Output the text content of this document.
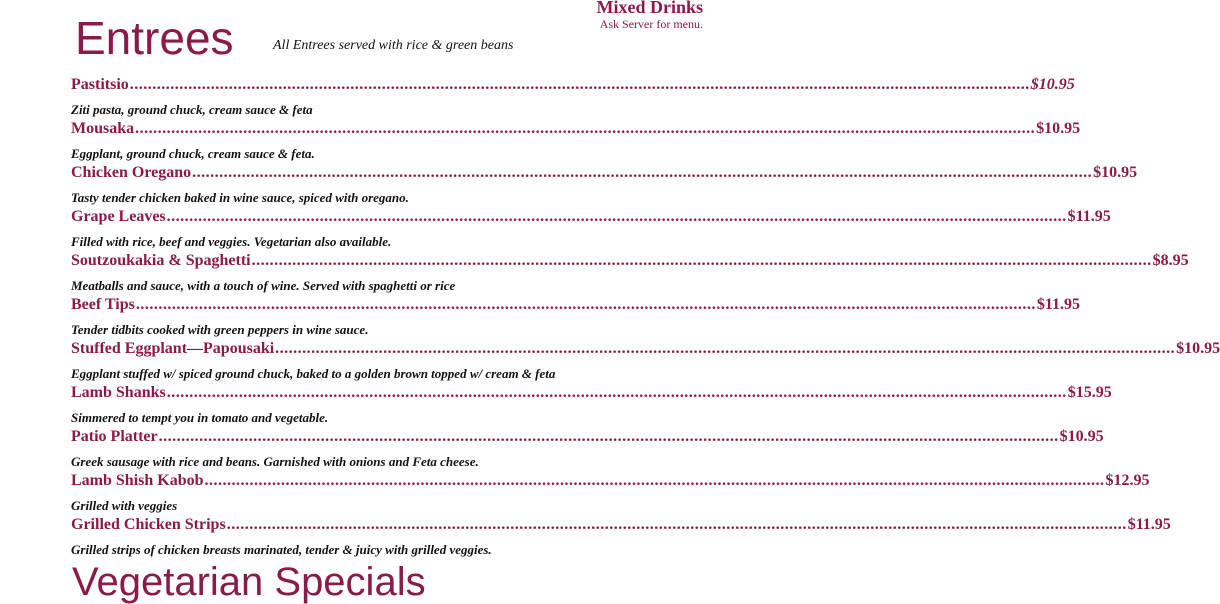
Mixed Drinks
Ask Server for menu.
Entrees	All Entrees served with rice & green beans
Pastitsio ........................................................................................................................................................................................................ $10.95
Ziti pasta, ground chuck, cream sauce & feta
Mousaka ........................................................................................................................................................................................................ $10.95
Eggplant, ground chuck, cream sauce & feta.
Chicken Oregano ........................................................................................................................................................................................................ $10.95
Tasty tender chicken baked in wine sauce, spiced with oregano.
Grape Leaves ........................................................................................................................................................................................................ $11.95
Filled with rice, beef and veggies. Vegetarian also available.
Soutzoukakia & Spaghetti ........................................................................................................................................................................................................ $8.95
Meatballs and sauce, with a touch of wine. Served with spaghetti or rice
Beef Tips ........................................................................................................................................................................................................ $11.95
Tender tidbits cooked with green peppers in wine sauce.
Stuffed Eggplant—Papousaki ........................................................................................................................................................................................................ $10.95
Eggplant stuffed w/ spiced ground chuck, baked to a golden brown topped w/ cream & feta
Lamb Shanks ........................................................................................................................................................................................................ $15.95
Simmered to tempt you in tomato and vegetable.
Patio Platter ........................................................................................................................................................................................................ $10.95
Greek sausage with rice and beans. Garnished with onions and Feta cheese.
Lamb Shish Kabob ........................................................................................................................................................................................................ $12.95
Grilled with veggies
Grilled Chicken Strips ........................................................................................................................................................................................................ $11.95
Grilled strips of chicken breasts marinated, tender & juicy with grilled veggies.
Vegetarian Specials
